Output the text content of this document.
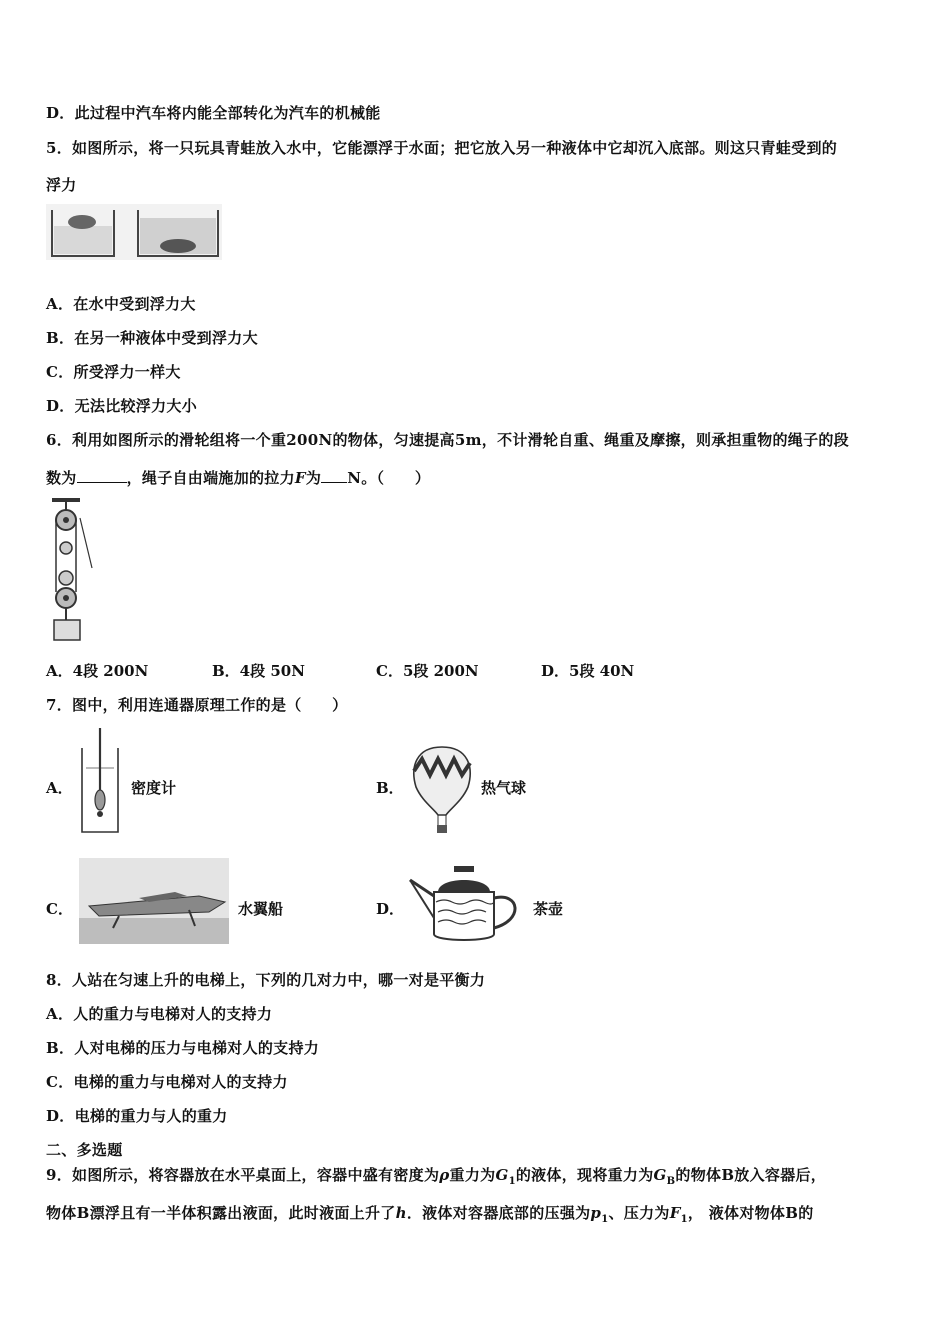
D．此过程中汽车将内能全部转化为汽车的机械能
5．如图所示，将一只玩具青蛙放入水中，它能漂浮于水面；把它放入另一种液体中它却沉入底部。则这只青蛙受到的
浮力
A．在水中受到浮力大
B．在另一种液体中受到浮力大
C．所受浮力一样大
D．无法比较浮力大小
6．利用如图所示的滑轮组将一个重200N的物体，匀速提高5m，不计滑轮自重、绳重及摩擦，则承担重物的绳子的段
数为	，绳子自由端施加的拉力F为 N。（　　）
A．4段 200N	B．4段 50N	C．5段 200N	D．5段 40N
7．图中，利用连通器原理工作的是（　　）
A．	密度计	B．	热气球
C．	水翼船	D．	茶壶
8．人站在匀速上升的电梯上，下列的几对力中，哪一对是平衡力
A．人的重力与电梯对人的支持力
B．人对电梯的压力与电梯对人的支持力
C．电梯的重力与电梯对人的支持力
D．电梯的重力与人的重力
二、多选题
9．如图所示，将容器放在水平桌面上，容器中盛有密度为ρ重力为$G_1$的液体，现将重力为$G_B$的物体B放入容器后，
物体B漂浮且有一半体积露出液面，此时液面上升了h．液体对容器底部的压强为$p_1$、压力为$F_1$， 液体对物体B的
